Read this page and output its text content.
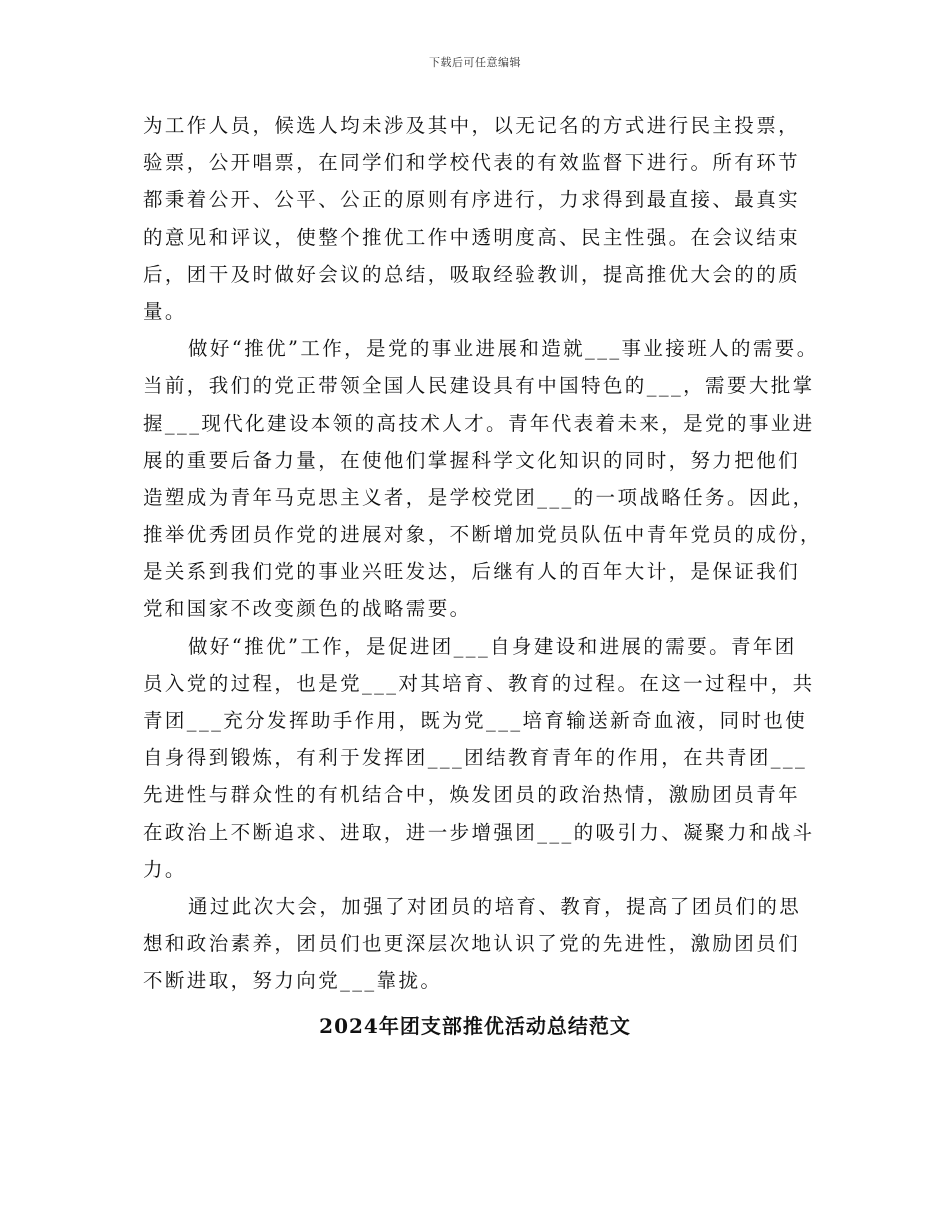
下载后可任意编辑
为工作人员，候选人均未涉及其中，以无记名的方式进行民主投票，
验票，公开唱票，在同学们和学校代表的有效监督下进行。所有环节
都秉着公开、公平、公正的原则有序进行，力求得到最直接、最真实
的意见和评议，使整个推优工作中透明度高、民主性强。在会议结束
后，团干及时做好会议的总结，吸取经验教训，提高推优大会的的质
量。
做好“推优”工作，是党的事业进展和造就___事业接班人的需要。
当前，我们的党正带领全国人民建设具有中国特色的___，需要大批掌
握___现代化建设本领的高技术人才。青年代表着未来，是党的事业进
展的重要后备力量，在使他们掌握科学文化知识的同时，努力把他们
造塑成为青年马克思主义者，是学校党团___的一项战略任务。因此，
推举优秀团员作党的进展对象，不断增加党员队伍中青年党员的成份，
是关系到我们党的事业兴旺发达，后继有人的百年大计，是保证我们
党和国家不改变颜色的战略需要。
做好“推优”工作，是促进团___自身建设和进展的需要。青年团
员入党的过程，也是党___对其培育、教育的过程。在这一过程中，共
青团___充分发挥助手作用，既为党___培育输送新奇血液，同时也使
自身得到锻炼，有利于发挥团___团结教育青年的作用，在共青团___
先进性与群众性的有机结合中，焕发团员的政治热情，激励团员青年
在政治上不断追求、进取，进一步增强团___的吸引力、凝聚力和战斗
力。
通过此次大会，加强了对团员的培育、教育，提高了团员们的思
想和政治素养，团员们也更深层次地认识了党的先进性，激励团员们
不断进取，努力向党___靠拢。
2024年团支部推优活动总结范文
